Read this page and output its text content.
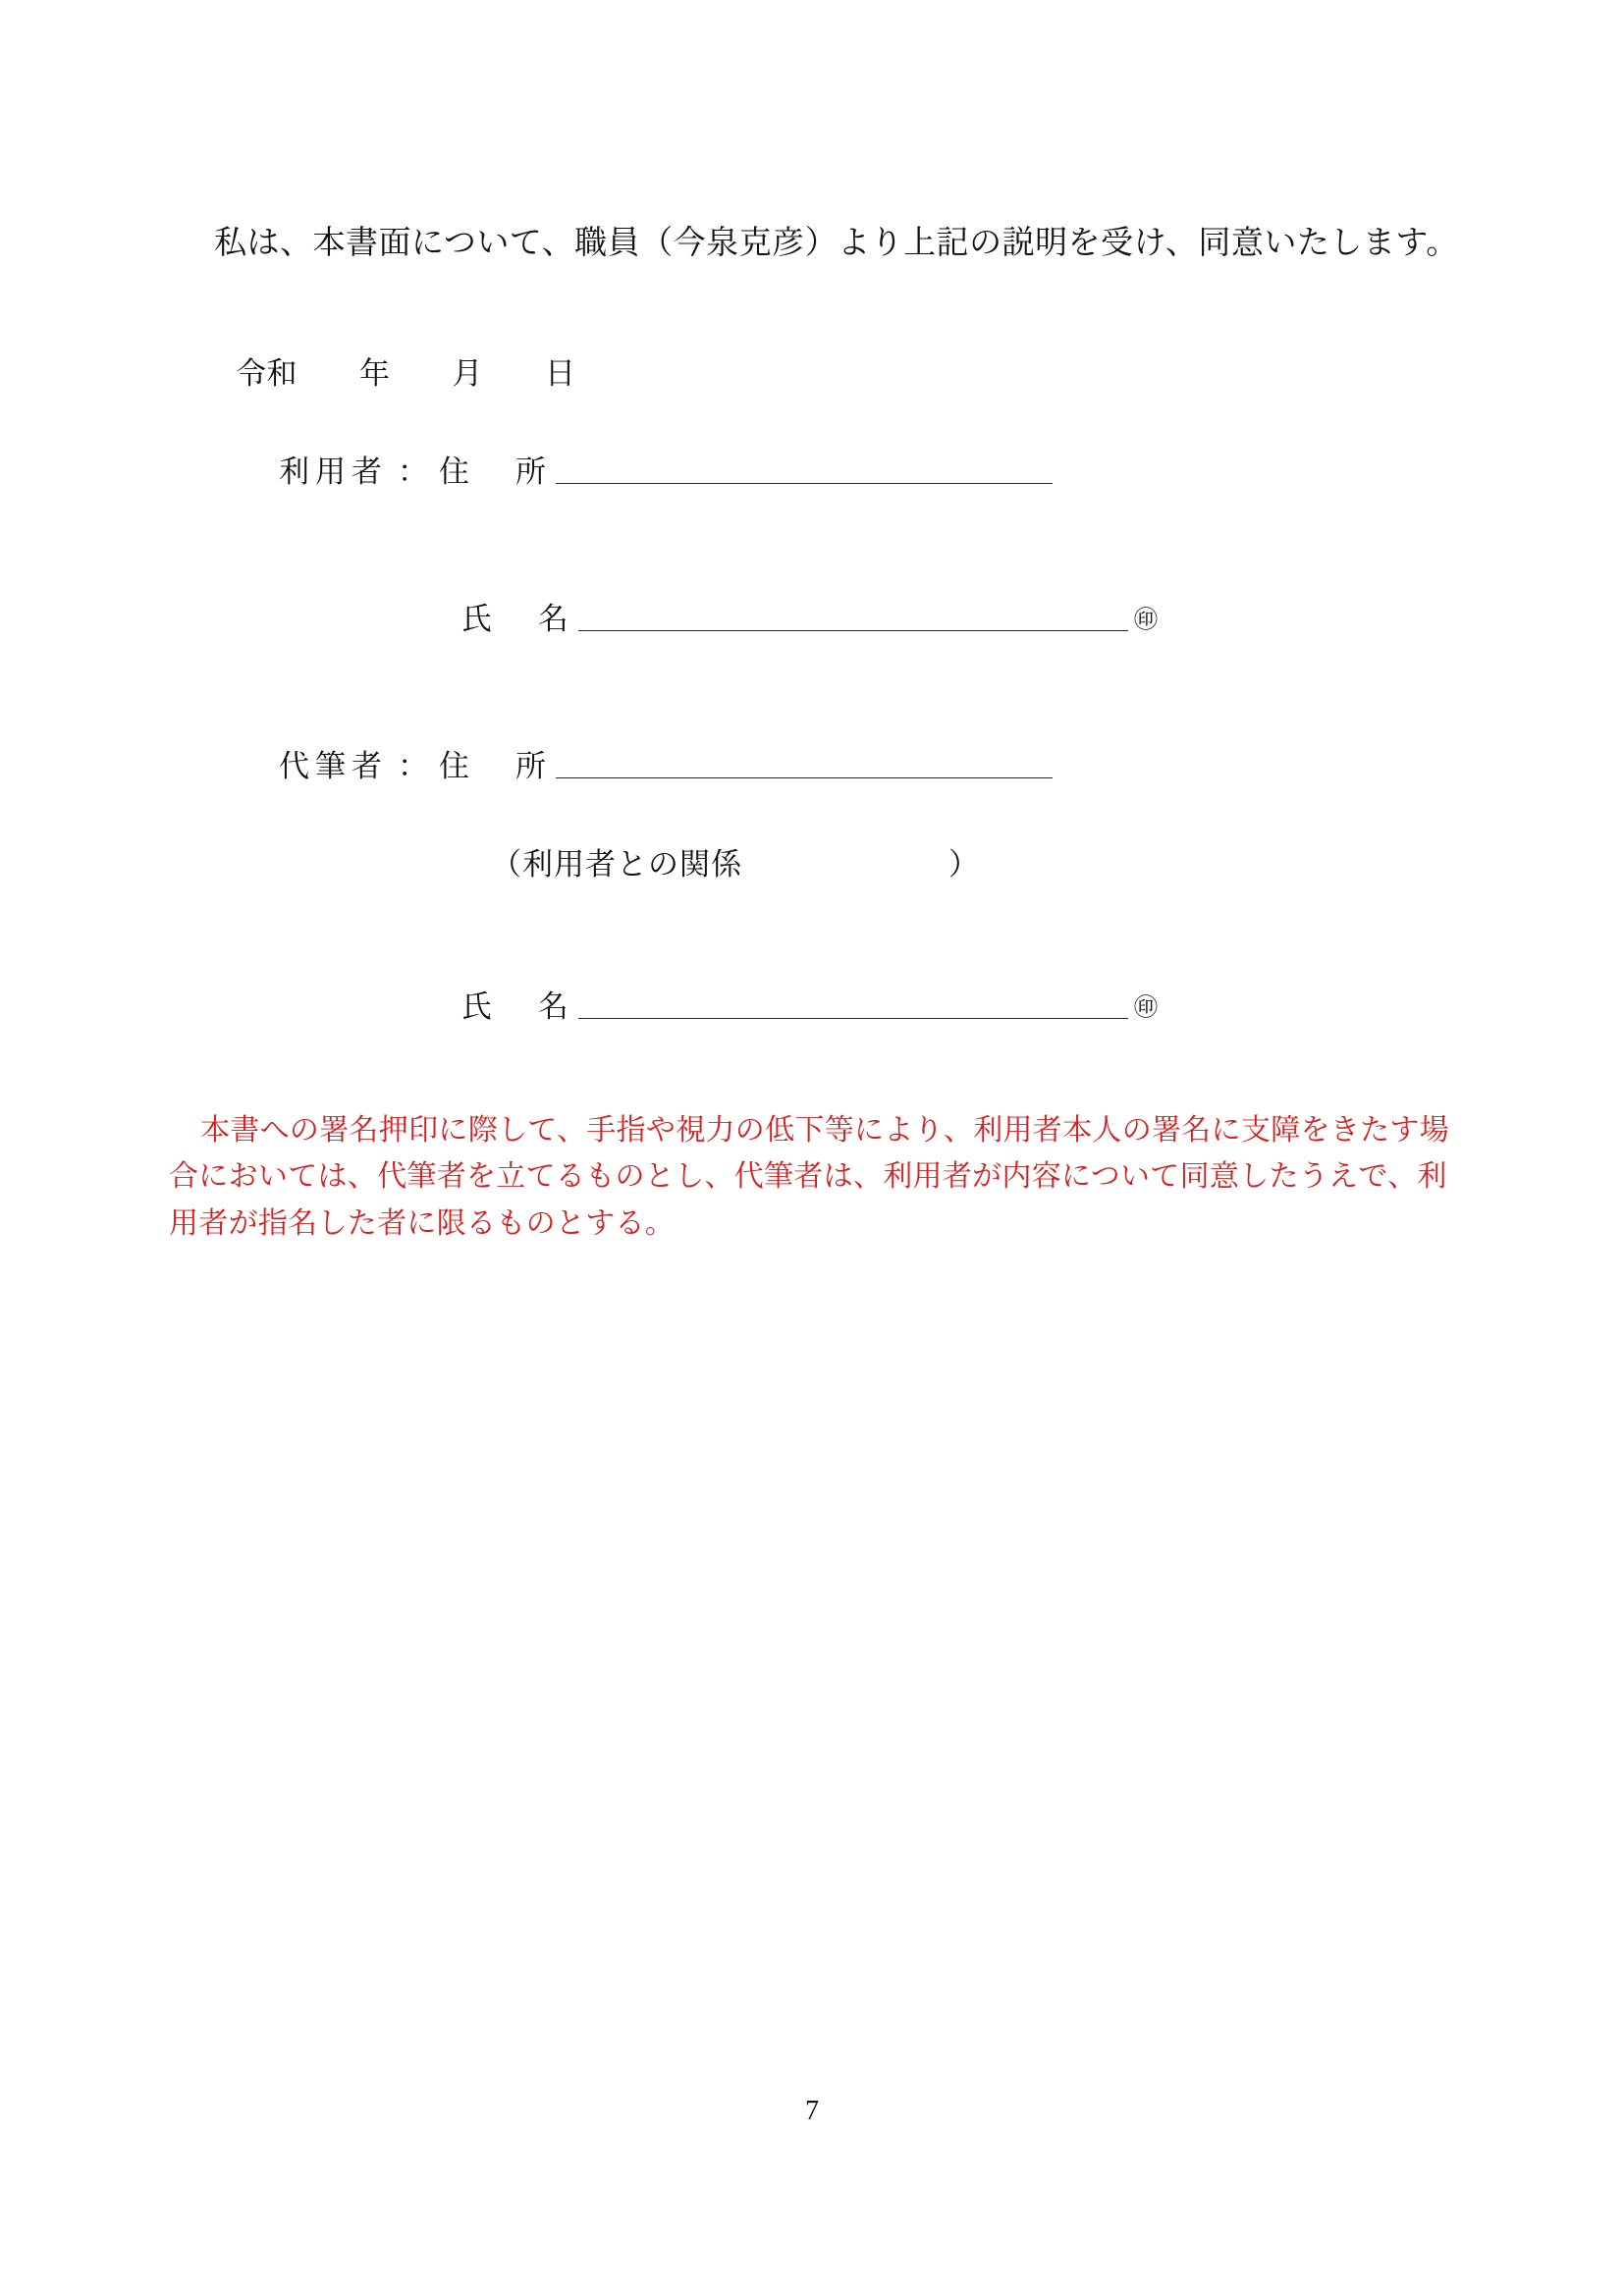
私は、本書面について、職員（今泉克彦）より上記の説明を受け、同意いたします。

令和　　年　　月　　日
利用者 ： 住　所
氏　名	㊞
代筆者 ： 住　所
（利用者との関係	）
氏　名	㊞

本書への署名押印に際して、手指や視力の低下等により、利用者本人の署名に支障をきたす場合においては、代筆者を立てるものとし、代筆者は、利用者が内容について同意したうえで、利用者が指名した者に限るものとする。

7
